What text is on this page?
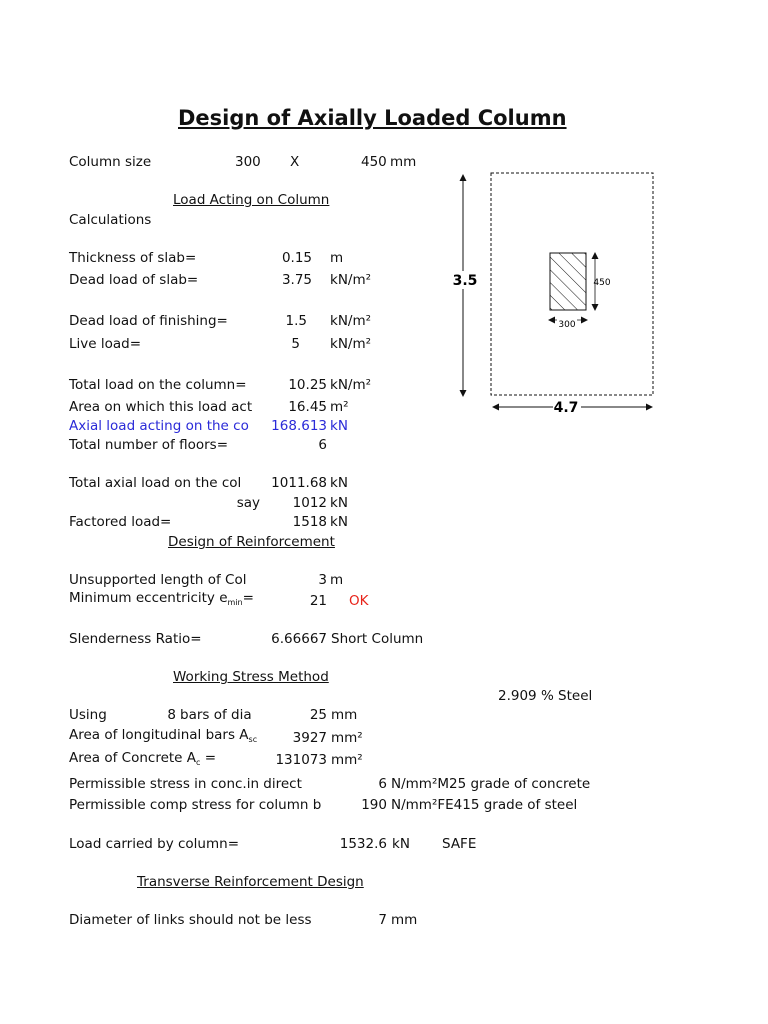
Design of Axially Loaded Column
Column size	300 X	450 mm
Load Acting on Column
Calculations
Thickness of slab=	0.15 m
Dead load of slab=	3.75 kN/m²
Dead load of finishing=	1.5 kN/m²
Live load=	5 kN/m²
Total load on the column=	10.25 kN/m²
Area on which this load act	16.45 m²
Axial load acting on the co	168.613 kN
Total number of floors=	6
Total axial load on the col	1011.68 kN
say	1012 kN
Factored load=	1518 kN
Design of Reinforcement
Unsupported length of Col	3 m
Minimum eccentricity $e_{min}=$	21 OK
Slenderness Ratio=	6.66667 Short Column
Working Stress Method
2.909 % Steel
Using	8 bars of dia	25 mm
Area of longitudinal bars $A_{sc}$	3927 mm²
Area of Concrete $A_c$ =	131073 mm²
Permissible stress in conc.in direct	6 N/mm²M25 grade of concrete
Permissible comp stress for column b	190 N/mm²FE415 grade of steel
Load carried by column=	1532.6 kN SAFE
Transverse Reinforcement Design
Diameter of links should not be less	7 mm
3.5
4.7
450
300
